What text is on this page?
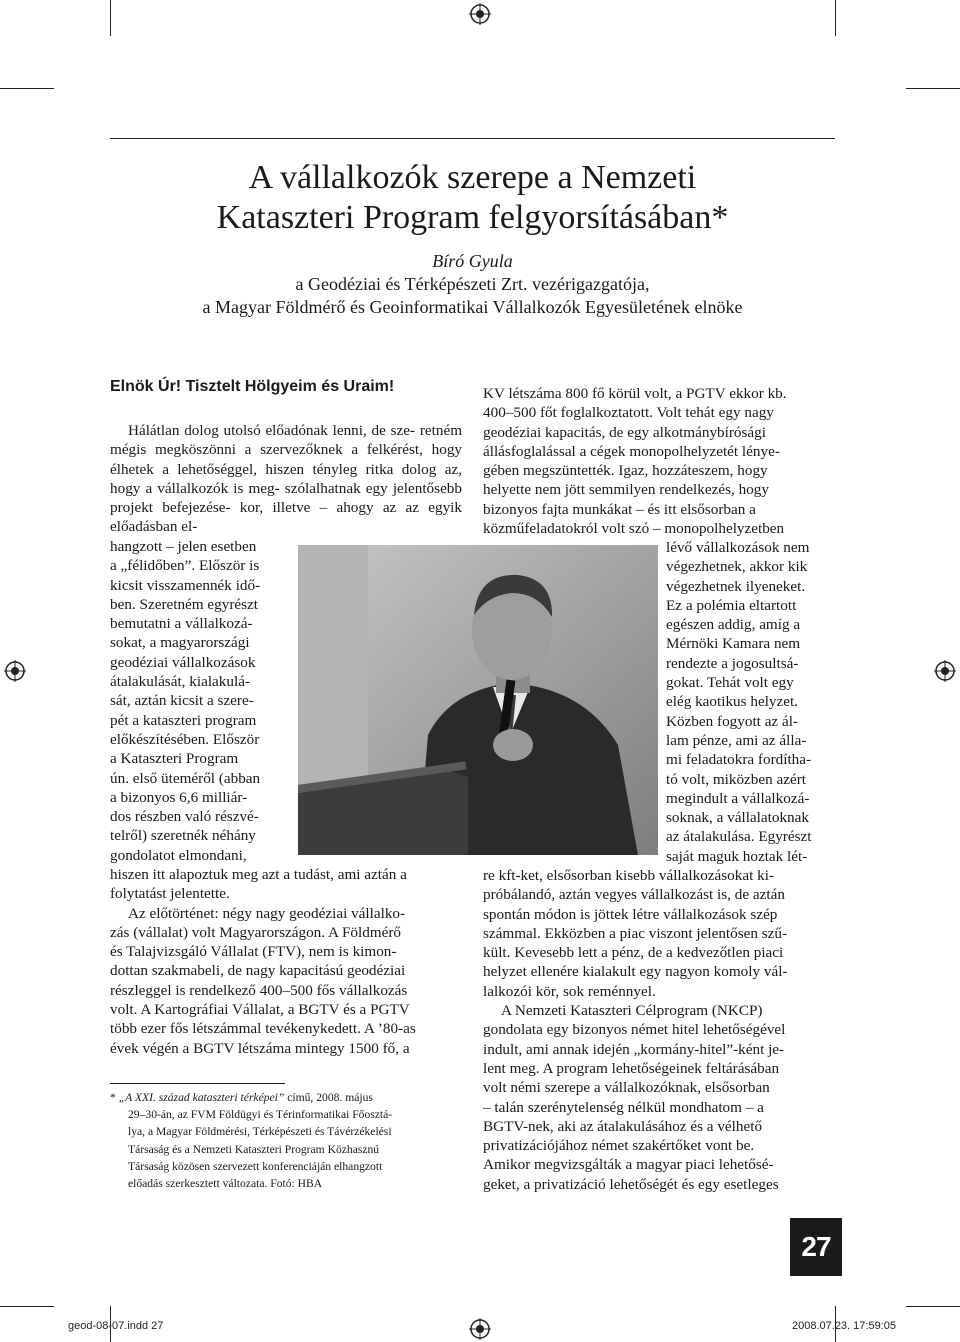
A vállalkozók szerepe a Nemzeti
Kataszteri Program felgyorsításában*
Bíró Gyula
a Geodéziai és Térképészeti Zrt. vezérigazgatója,
a Magyar Földmérő és Geoinformatikai Vállalkozók Egyesületének elnöke
Elnök Úr! Tisztelt Hölgyeim és Uraim!

Hálátlan dolog utolsó előadónak lenni, de sze- retném mégis megköszönni a szervezőknek a felkérést, hogy élhetek a lehetőséggel, hiszen tényleg ritka dolog az, hogy a vállalkozók is meg- szólalhatnak egy jelentősebb projekt befejezése- kor, illetve – ahogy az az egyik előadásban el-

hangzott – jelen esetben
a „félidőben”. Először is
kicsit visszamennék idő-
ben. Szeretném egyrészt
bemutatni a vállalkozá-
sokat, a magyarországi
geodéziai vállalkozások
átalakulását, kialakulá-
sát, aztán kicsit a szere-
pét a kataszteri program
előkészítésében. Először
a Kataszteri Program
ún. első üteméről (abban
a bizonyos 6,6 milliár-
dos részben való részvé-
telről) szeretnék néhány
gondolatot elmondani,
hiszen itt alapoztuk meg azt a tudást, ami aztán a
folytatást jelentette.
Az előtörténet: négy nagy geodéziai vállalko-
zás (vállalat) volt Magyarországon. A Földmérő
és Talajvizsgáló Vállalat (FTV), nem is kimon-
dottan szakmabeli, de nagy kapacitású geodéziai
részleggel is rendelkező 400–500 fős vállalkozás
volt. A Kartográfiai Vállalat, a BGTV és a PGTV
több ezer fős létszámmal tevékenykedett. A ’80-as
évek végén a BGTV létszáma mintegy 1500 fő, a
KV létszáma 800 fő körül volt, a PGTV ekkor kb.
400–500 főt foglalkoztatott. Volt tehát egy nagy
geodéziai kapacitás, de egy alkotmánybírósági
állásfoglalással a cégek monopolhelyzetét lénye-
gében megszüntették. Igaz, hozzáteszem, hogy
helyette nem jött semmilyen rendelkezés, hogy
bizonyos fajta munkákat – és itt elsősorban a
közműfeladatokról volt szó – monopolhelyzetben
lévő vállalkozások nem
végezhetnek, akkor kik
végezhetnek ilyeneket.
Ez a polémia eltartott
egészen addig, amíg a
Mérnöki Kamara nem
rendezte a jogosultsá-
gokat. Tehát volt egy
elég kaotikus helyzet.
Közben fogyott az ál-
lam pénze, ami az álla-
mi feladatokra fordítha-
tó volt, miközben azért
megindult a vállalkozá-
soknak, a vállalatoknak
az átalakulása. Egyrészt
saját maguk hoztak lét-
re kft-ket, elsősorban kisebb vállalkozásokat ki-
próbálandó, aztán vegyes vállalkozást is, de aztán
spontán módon is jöttek létre vállalkozások szép
számmal. Ekközben a piac viszont jelentősen szű-
kült. Kevesebb lett a pénz, de a kedvezőtlen piaci
helyzet ellenére kialakult egy nagyon komoly vál-
lalkozói kör, sok reménnyel.
A Nemzeti Kataszteri Célprogram (NKCP)
gondolata egy bizonyos német hitel lehetőségével
indult, ami annak idején „kormány-hitel”-ként je-
lent meg. A program lehetőségeinek feltárásában
volt némi szerepe a vállalkozóknak, elsősorban
– talán szerénytelenség nélkül mondhatom – a
BGTV-nek, aki az átalakulásához és a vélhető
privatizációjához német szakértőket vont be.
Amikor megvizsgálták a magyar piaci lehetősé-
geket, a privatizáció lehetőségét és egy esetleges
* „A XXI. század kataszteri térképei” című, 2008. május
29–30-án, az FVM Földügyi és Térinformatikai Főosztá-
lya, a Magyar Földmérési, Térképészeti és Távérzékelési
Társaság és a Nemzeti Kataszteri Program Közhasznú
Társaság közösen szervezett konferenciáján elhangzott
előadás szerkesztett változata. Fotó: HBA
27
geod-08-07.indd 27	2008.07.23. 17:59:05
